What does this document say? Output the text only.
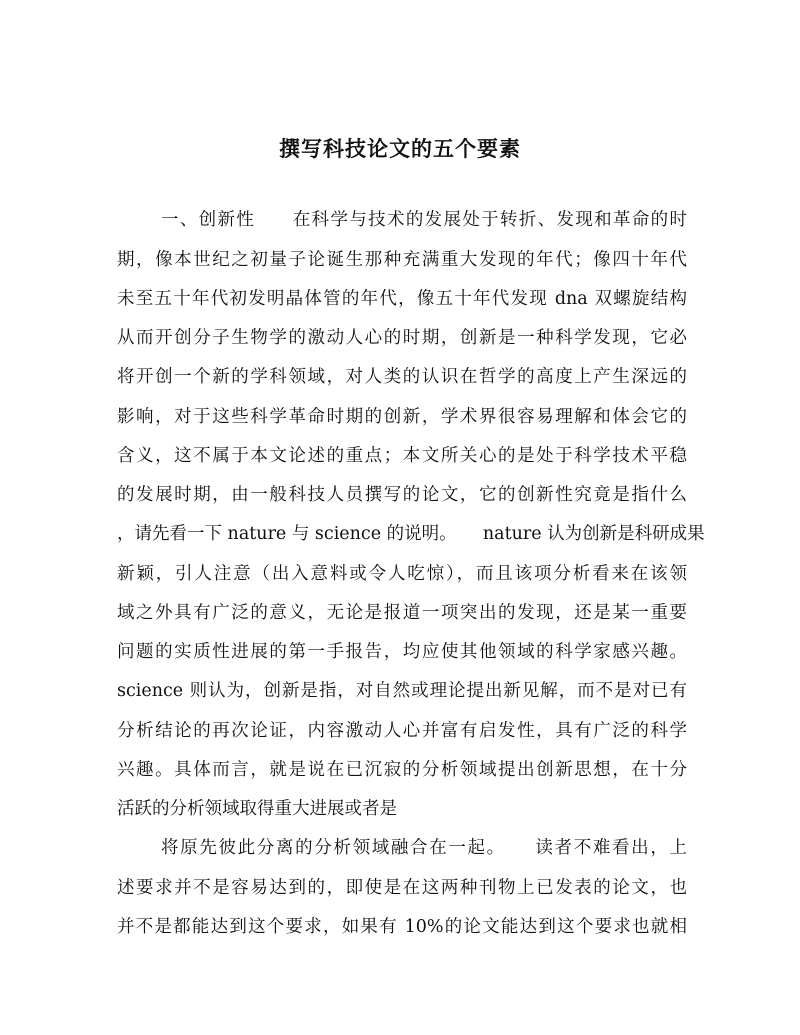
撰写科技论文的五个要素

一、创新性　　在科学与技术的发展处于转折、发现和革命的时

期，像本世纪之初量子论诞生那种充满重大发现的年代；像四十年代

未至五十年代初发明晶体管的年代，像五十年代发现 dna 双螺旋结构

从而开创分子生物学的激动人心的时期，创新是一种科学发现，它必

将开创一个新的学科领域，对人类的认识在哲学的高度上产生深远的

影响，对于这些科学革命时期的创新，学术界很容易理解和体会它的

含义，这不属于本文论述的重点；本文所关心的是处于科学技术平稳

的发展时期，由一般科技人员撰写的论文，它的创新性究竟是指什么

，请先看一下 nature 与 science 的说明。　　nature 认为创新是科研成果

新颖，引人注意（出入意料或令人吃惊），而且该项分析看来在该领

域之外具有广泛的意义，无论是报道一项突出的发现，还是某一重要

问题的实质性进展的第一手报告，均应使其他领域的科学家感兴趣。

science 则认为，创新是指，对自然或理论提出新见解，而不是对已有

分析结论的再次论证，内容激动人心并富有启发性，具有广泛的科学

兴趣。具体而言，就是说在已沉寂的分析领域提出创新思想，在十分

活跃的分析领域取得重大进展或者是

将原先彼此分离的分析领域融合在一起。　　读者不难看出，上

述要求并不是容易达到的，即使是在这两种刊物上已发表的论文，也

并不是都能达到这个要求，如果有 10%的论文能达到这个要求也就相
